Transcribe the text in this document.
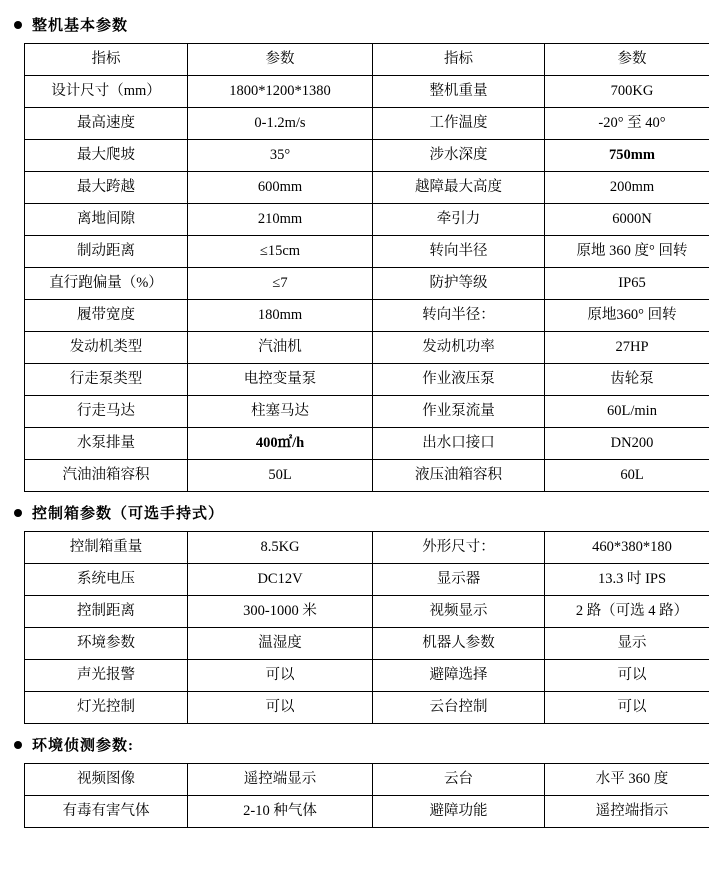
整机基本参数
指标	参数	指标	参数
设计尺寸（mm）	1800*1200*1380	整机重量	700KG
最高速度	0-1.2m/s	工作温度	-20° 至 40°
最大爬坡	35°	涉水深度	750mm
最大跨越	600mm	越障最大高度	200mm
离地间隙	210mm	牵引力	6000N
制动距离	≤15cm	转向半径	原地 360 度° 回转
直行跑偏量（%）	≤7	防护等级	IP65
履带宽度	180mm	转向半径：	原地360° 回转
发动机类型	汽油机	发动机功率	27HP
行走泵类型	电控变量泵	作业液压泵	齿轮泵
行走马达	柱塞马达	作业泵流量	60L/min
水泵排量	400㎡/h	出水口接口	DN200
汽油油箱容积	50L	液压油箱容积	60L
控制箱参数（可选手持式）
控制箱重量	8.5KG	外形尺寸：	460*380*180
系统电压	DC12V	显示器	13.3 吋 IPS
控制距离	300-1000 米	视频显示	2 路（可选 4 路）
环境参数	温湿度	机器人参数	显示
声光报警	可以	避障选择	可以
灯光控制	可以	云台控制	可以
环境侦测参数:
视频图像	遥控端显示	云台	水平 360 度
有毒有害气体	2-10 种气体	避障功能	遥控端指示
